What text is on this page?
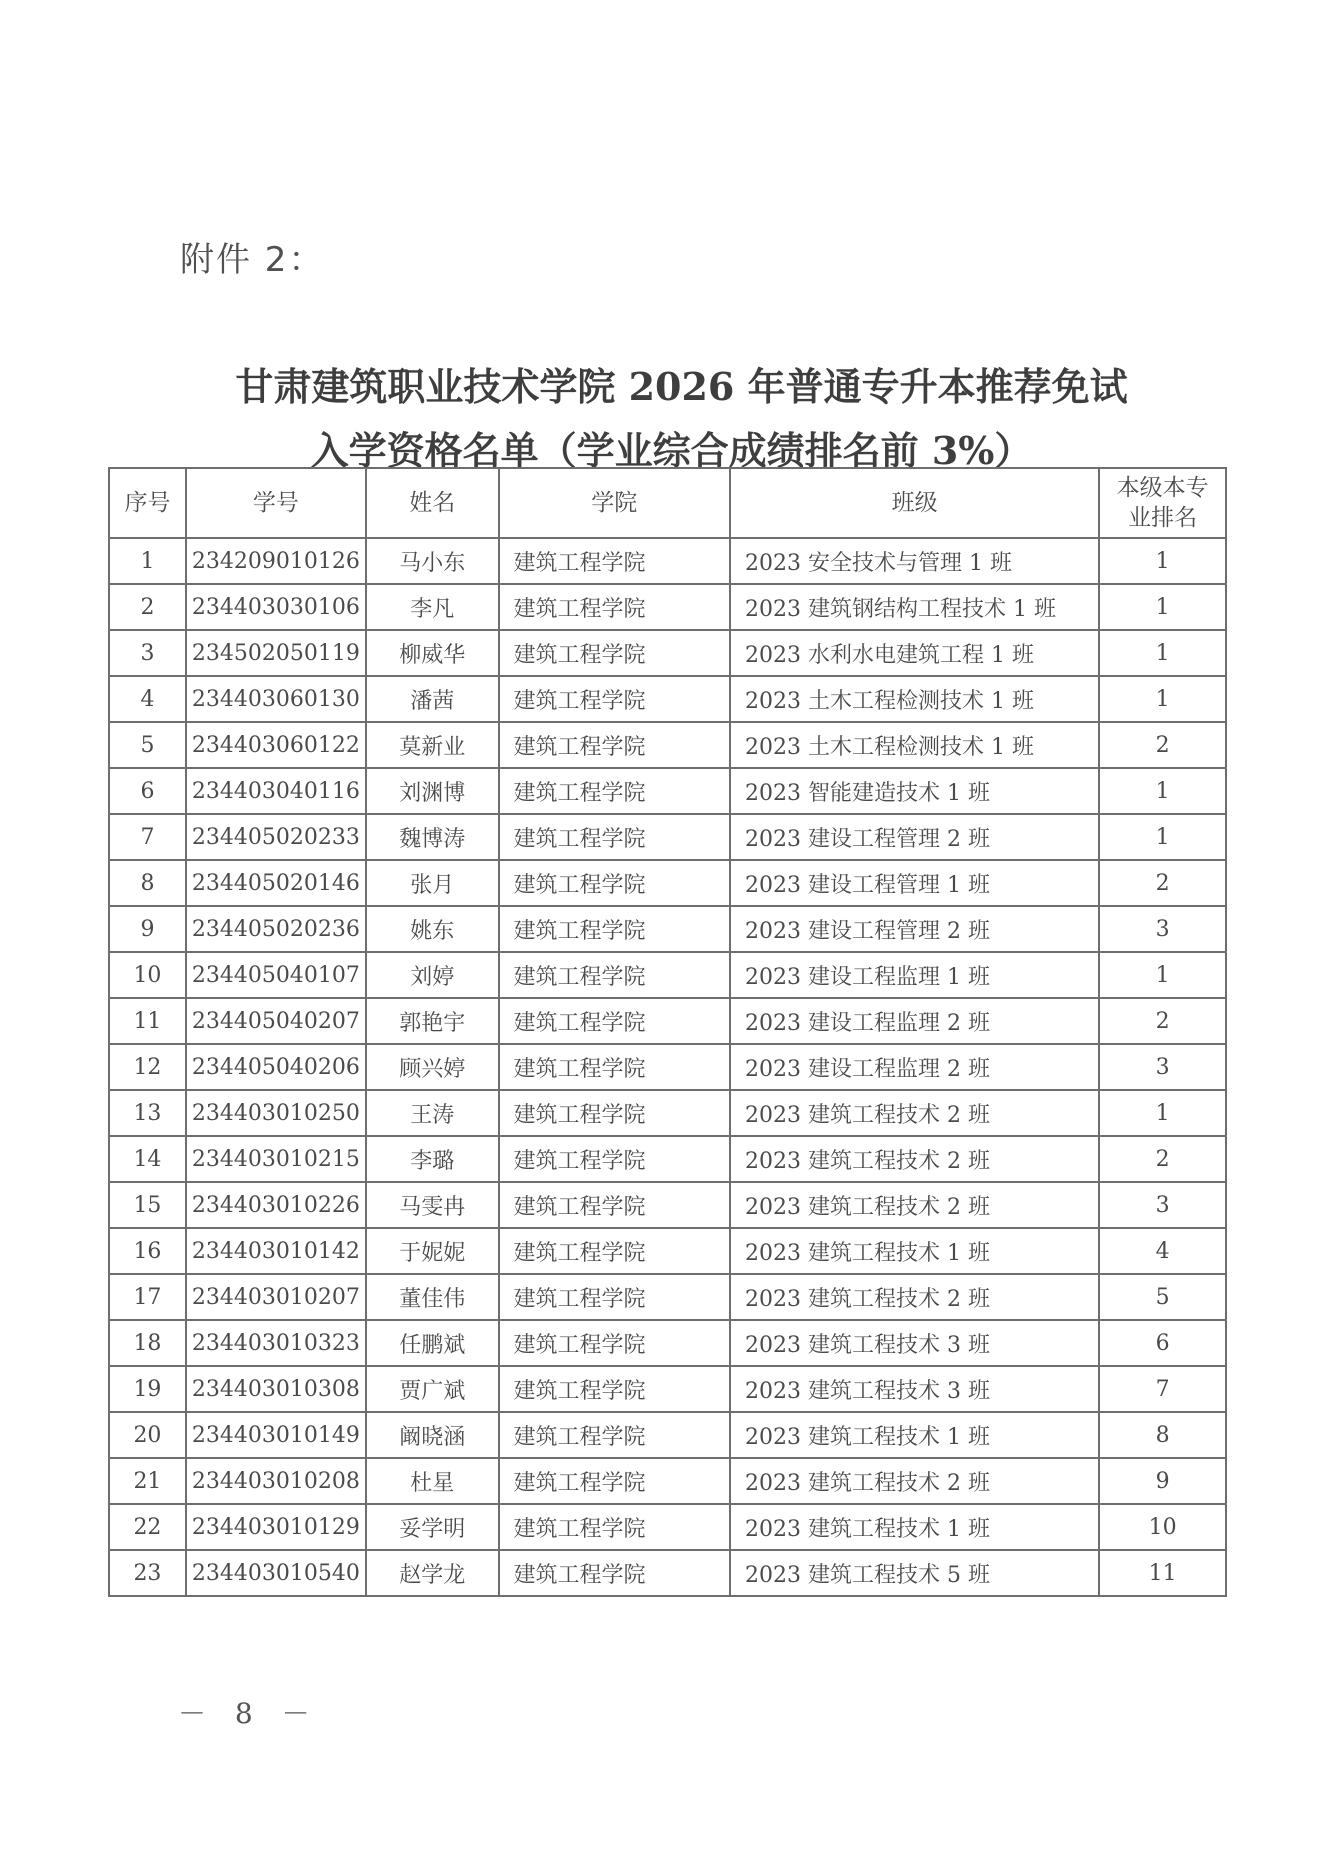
附件 2：
甘肃建筑职业技术学院 2026 年普通专升本推荐免试
入学资格名单（学业综合成绩排名前 3%）
序号	学号	姓名	学院	班级	本级本专
业排名
1	234209010126	马小东	建筑工程学院	2023 安全技术与管理 1 班	1
2	234403030106	李凡	建筑工程学院	2023 建筑钢结构工程技术 1 班	1
3	234502050119	柳威华	建筑工程学院	2023 水利水电建筑工程 1 班	1
4	234403060130	潘茜	建筑工程学院	2023 土木工程检测技术 1 班	1
5	234403060122	莫新业	建筑工程学院	2023 土木工程检测技术 1 班	2
6	234403040116	刘渊博	建筑工程学院	2023 智能建造技术 1 班	1
7	234405020233	魏博涛	建筑工程学院	2023 建设工程管理 2 班	1
8	234405020146	张月	建筑工程学院	2023 建设工程管理 1 班	2
9	234405020236	姚东	建筑工程学院	2023 建设工程管理 2 班	3
10	234405040107	刘婷	建筑工程学院	2023 建设工程监理 1 班	1
11	234405040207	郭艳宇	建筑工程学院	2023 建设工程监理 2 班	2
12	234405040206	顾兴婷	建筑工程学院	2023 建设工程监理 2 班	3
13	234403010250	王涛	建筑工程学院	2023 建筑工程技术 2 班	1
14	234403010215	李璐	建筑工程学院	2023 建筑工程技术 2 班	2
15	234403010226	马雯冉	建筑工程学院	2023 建筑工程技术 2 班	3
16	234403010142	于妮妮	建筑工程学院	2023 建筑工程技术 1 班	4
17	234403010207	董佳伟	建筑工程学院	2023 建筑工程技术 2 班	5
18	234403010323	任鹏斌	建筑工程学院	2023 建筑工程技术 3 班	6
19	234403010308	贾广斌	建筑工程学院	2023 建筑工程技术 3 班	7
20	234403010149	阚晓涵	建筑工程学院	2023 建筑工程技术 1 班	8
21	234403010208	杜星	建筑工程学院	2023 建筑工程技术 2 班	9
22	234403010129	妥学明	建筑工程学院	2023 建筑工程技术 1 班	10
23	234403010540	赵学龙	建筑工程学院	2023 建筑工程技术 5 班	11
－ 8 －
